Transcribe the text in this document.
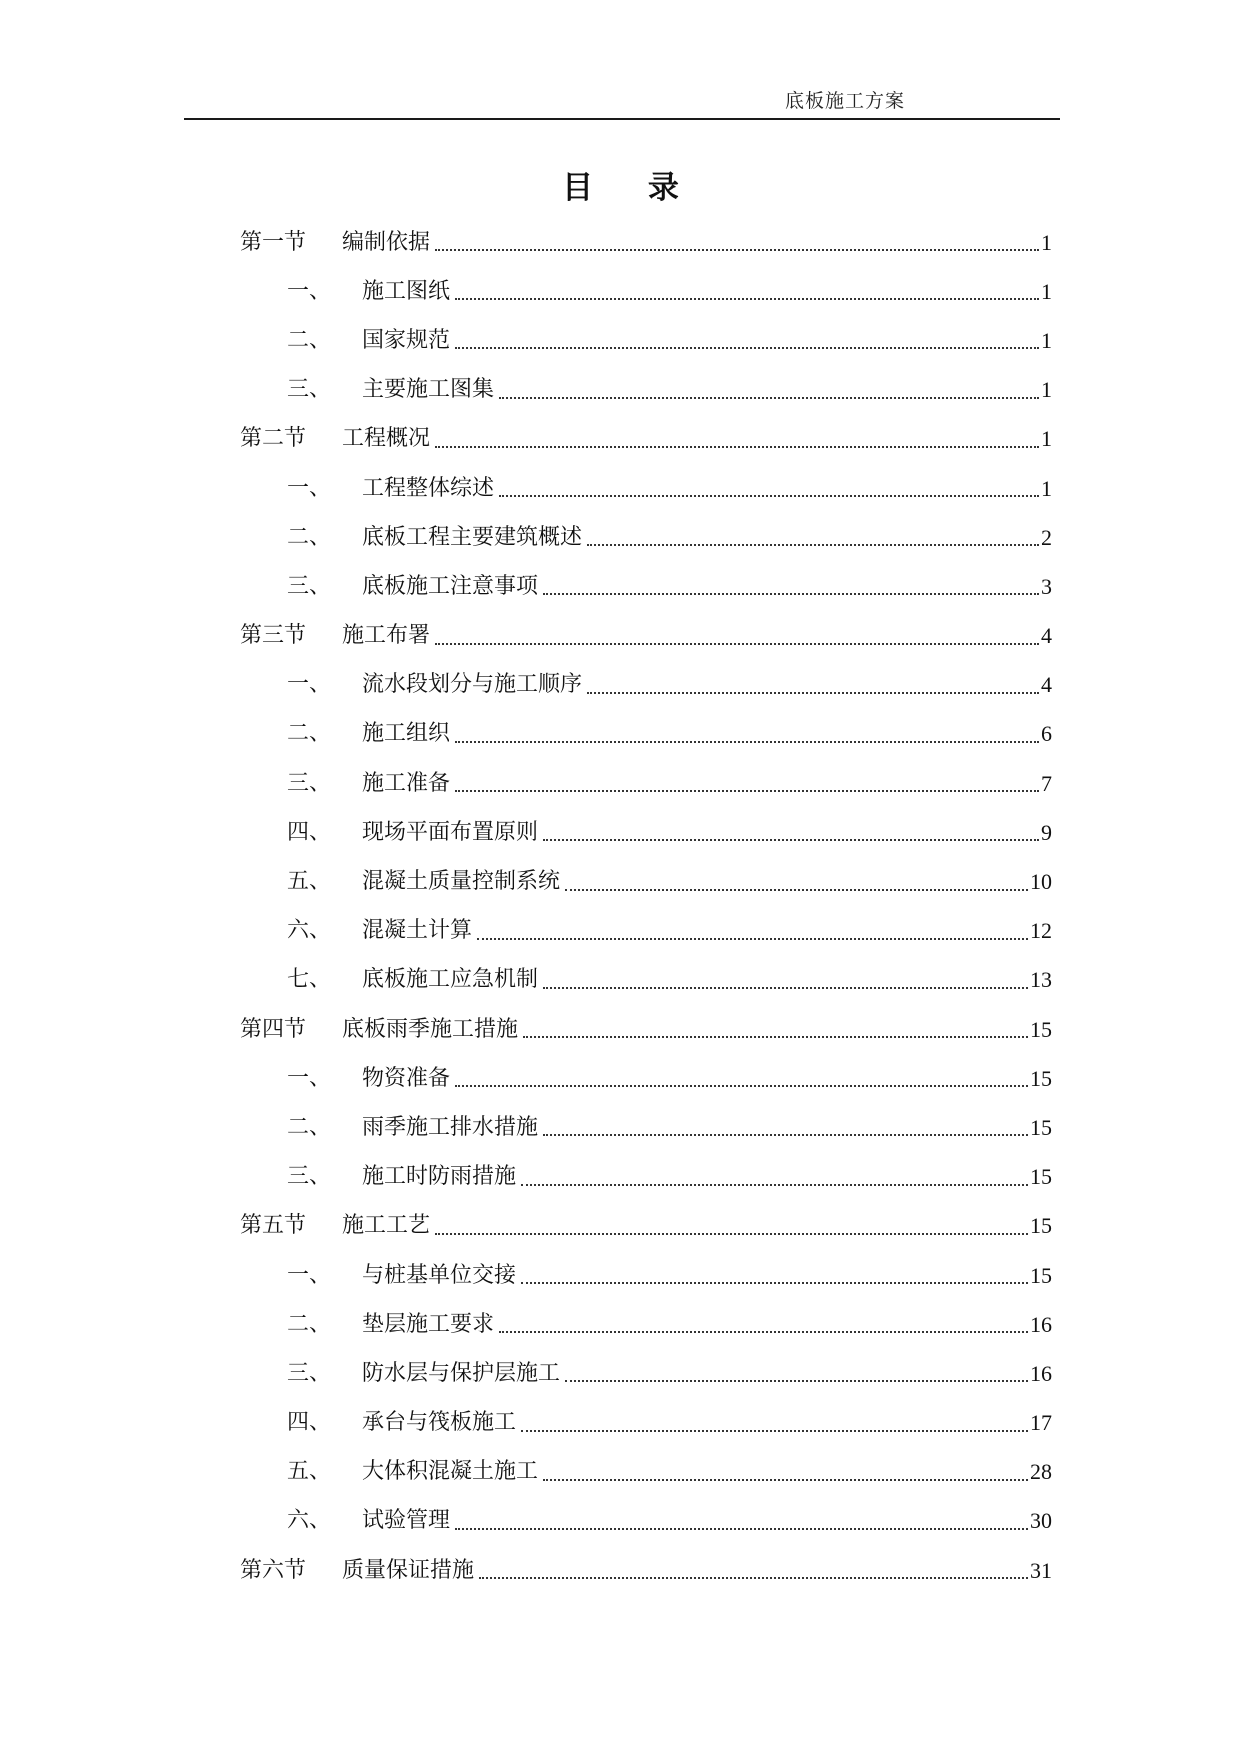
底板施工方案
目 录
第一节	编制依据	1
一、	施工图纸	1
二、	国家规范	1
三、	主要施工图集	1
第二节	工程概况	1
一、	工程整体综述	1
二、	底板工程主要建筑概述	2
三、	底板施工注意事项	3
第三节	施工布署	4
一、	流水段划分与施工顺序	4
二、	施工组织	6
三、	施工准备	7
四、	现场平面布置原则	9
五、	混凝土质量控制系统	10
六、	混凝土计算	12
七、	底板施工应急机制	13
第四节	底板雨季施工措施	15
一、	物资准备	15
二、	雨季施工排水措施	15
三、	施工时防雨措施	15
第五节	施工工艺	15
一、	与桩基单位交接	15
二、	垫层施工要求	16
三、	防水层与保护层施工	16
四、	承台与筏板施工	17
五、	大体积混凝土施工	28
六、	试验管理	30
第六节	质量保证措施	31
